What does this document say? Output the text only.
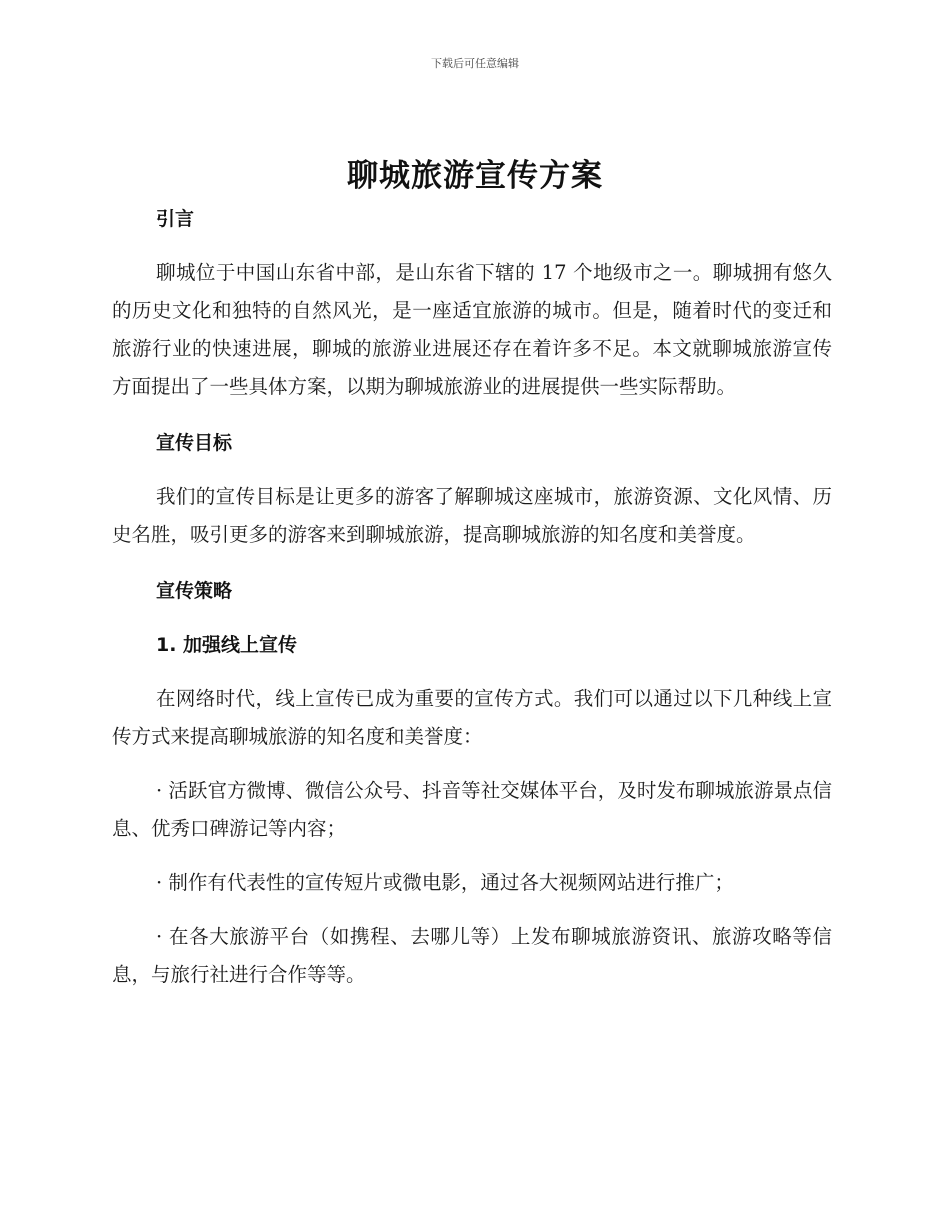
下载后可任意编辑
聊城旅游宣传方案
引言

聊城位于中国山东省中部，是山东省下辖的 17 个地级市之一。聊城拥有悠久的历史文化和独特的自然风光，是一座适宜旅游的城市。但是，随着时代的变迁和旅游行业的快速进展，聊城的旅游业进展还存在着许多不足。本文就聊城旅游宣传方面提出了一些具体方案，以期为聊城旅游业的进展提供一些实际帮助。

宣传目标

我们的宣传目标是让更多的游客了解聊城这座城市，旅游资源、文化风情、历史名胜，吸引更多的游客来到聊城旅游，提高聊城旅游的知名度和美誉度。

宣传策略
1. 加强线上宣传

在网络时代，线上宣传已成为重要的宣传方式。我们可以通过以下几种线上宣传方式来提高聊城旅游的知名度和美誉度：

· 活跃官方微博、微信公众号、抖音等社交媒体平台，及时发布聊城旅游景点信息、优秀口碑游记等内容；

· 制作有代表性的宣传短片或微电影，通过各大视频网站进行推广；

· 在各大旅游平台（如携程、去哪儿等）上发布聊城旅游资讯、旅游攻略等信息，与旅行社进行合作等等。
